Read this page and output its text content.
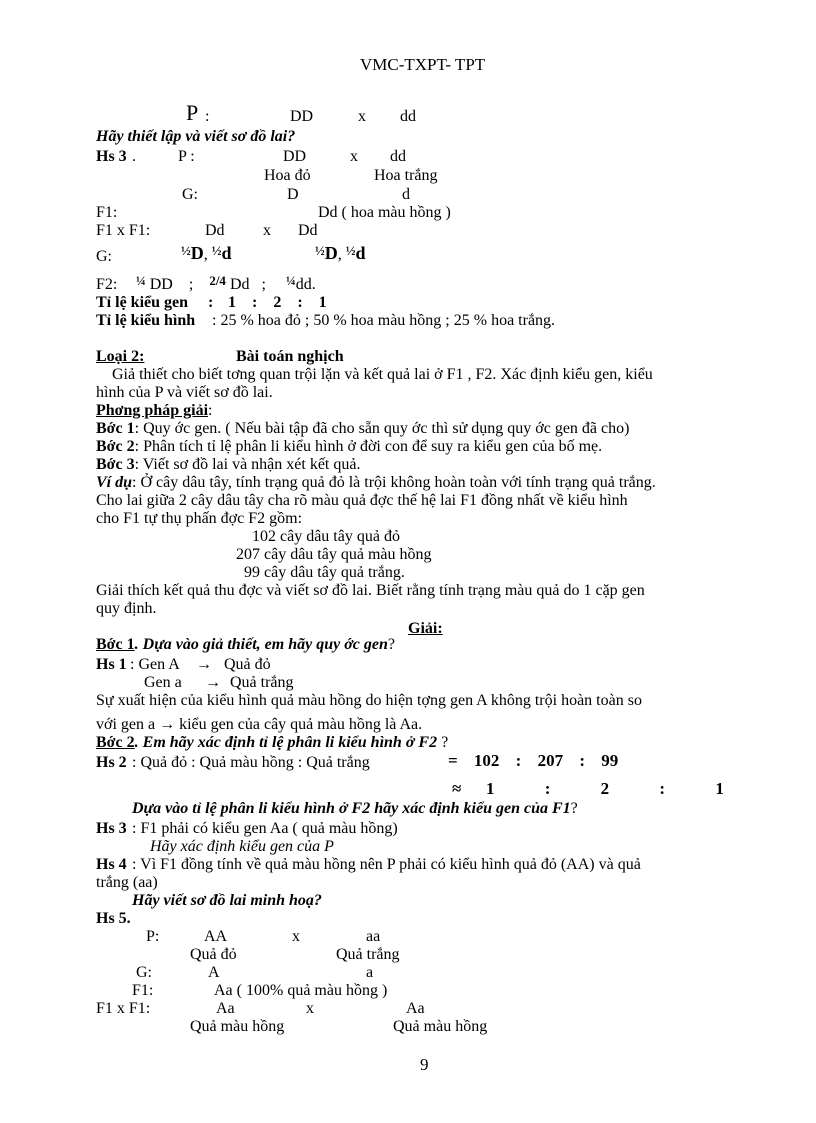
VMC-TXPT- TPT
P :	DD	x dd
Hãy thiết lập và viết sơ đồ lai?
Hs 3 .	P :	DD	x dd
Hoa đỏ	Hoa trắng
G:	D	d
F1:	Dd ( hoa màu hồng )
F1 x F1:	Dd x Dd
G:	$^{\frac{1}{2}}$D, $^{\frac{1}{2}}$d	$^{\frac{1}{2}}$D, $^{\frac{1}{2}}$d
F2: $^{\frac{1}{4}}$ DD ; $^{2/4}$ Dd ; $^{\frac{1}{4}}$dd.
Tỉ lệ kiểu gen : 1 : 2 : 1
Tỉ lệ kiểu hình : 25 % hoa đỏ ; 50 % hoa màu hồng ; 25 % hoa trắng.
Loại 2:	Bài toán nghịch
Giả thiết cho biết tơng quan trội lặn và kết quả lai ở F1 , F2. Xác định kiểu gen, kiểu
hình của P và viết sơ đồ lai.
Phơng pháp giải:
Bớc 1: Quy ớc gen. ( Nếu bài tập đã cho sẵn quy ớc thì sử dụng quy ớc gen đã cho)
Bớc 2: Phân tích tỉ lệ phân li kiểu hình ở đời con để suy ra kiểu gen của bố mẹ.
Bớc 3: Viết sơ đồ lai và nhận xét kết quả.
Ví dụ: Ở cây dâu tây, tính trạng quả đỏ là trội không hoàn toàn với tính trạng quả trắng.
Cho lai giữa 2 cây dâu tây cha rõ màu quả đợc thế hệ lai F1 đồng nhất về kiểu hình
cho F1 tự thụ phấn đợc F2 gồm:
102 cây dâu tây quả đỏ
207 cây dâu tây quả màu hồng
99 cây dâu tây quả trắng.
Giải thích kết quả thu đợc và viết sơ đồ lai. Biết rằng tính trạng màu quả do 1 cặp gen
quy định.
Giải:
Bớc 1. Dựa vào giả thiết, em hãy quy ớc gen?
Hs 1 : Gen A → Quả đỏ
Gen a → Quả trắng
Sự xuất hiện của kiểu hình quả màu hồng do hiện tợng gen A không trội hoàn toàn so
với gen a → kiểu gen của cây quả màu hồng là Aa.
Bớc 2. Em hãy xác định tỉ lệ phân li kiểu hình ở F2 ?
Hs 2 : Quả đỏ : Quả màu hồng : Quả trắng	= 102 : 207 : 99
≈ 1 : 2 : 1
Dựa vào tỉ lệ phân li kiểu hình ở F2 hãy xác định kiểu gen của F1?
Hs 3 : F1 phải có kiểu gen Aa ( quả màu hồng)
Hãy xác định kiểu gen của P
Hs 4 : Vì F1 đồng tính về quả màu hồng nên P phải có kiểu hình quả đỏ (AA) và quả
trắng (aa)
Hãy viết sơ đồ lai minh hoạ?
Hs 5.
P:	AA	x	aa
Quả đỏ	Quả trắng
G:	A	a
F1:	Aa ( 100% quả màu hồng )
F1 x F1:	Aa	x	Aa
Quả màu hồng	Quả màu hồng
9
